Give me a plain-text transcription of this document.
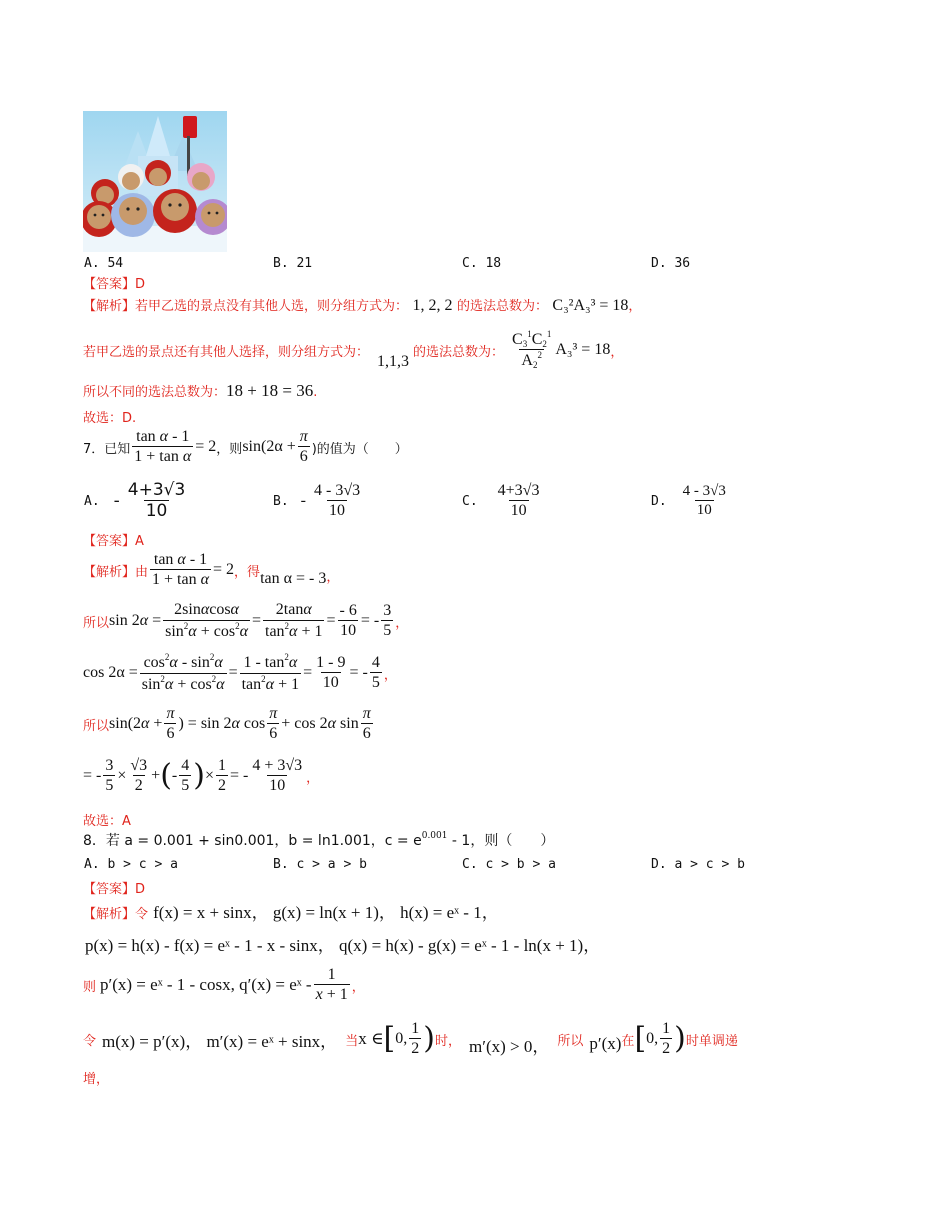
A. 54	B. 21	C. 18	D. 36
【答案】D
【解析】若甲乙选的景点没有其他人选，则分组方式为： 1, 2, 2 的选法总数为： C₃²A₃³ = 18，
若甲乙选的景点还有其他人选择，则分组方式为：
1,1,3
的选法总数为： $\frac{C_3^1C_2^1}{A_2^2} A_3^3 = 18$ ，
所以不同的选法总数为：18 + 18 = 36.
故选：D.
7．已知 $\frac{\text{tan α - 1}}{\text{1 + tan α}} = 2$ ，则 $\sin(2\alpha + \frac{\pi}{6}$ )的值为（　　）
A. - $\frac{4+3√3}{10}$	B. - $\frac{4 - 3√3}{10}$	C. $\frac{4+3√3}{10}$	D. $\frac{4 - 3√3}{10}$
【答案】A
【解析】 由 $\frac{\text{tan α - 1}}{\text{1 + tan α}} = 2$ ，得 tan α = - 3 ，
所以 $\sin 2\alpha = \frac{2\sin\alpha\cos\alpha}{\sin^2\alpha + \cos^2\alpha} = \frac{2\tan\alpha}{\tan^2\alpha + 1} = \frac{- 6}{10}$ = - $\frac{3}{5}$ ，
$\cos 2\alpha = \frac{\cos^2\alpha - \sin^2\alpha}{\sin^2\alpha + \cos^2\alpha} = \frac{1 - \tan^2\alpha}{\tan^2\alpha + 1} = \frac{1 - 9}{10}$ = - $\frac{4}{5}$ ，
所以 $\sin(2\alpha + \frac{\pi}{6}$ ) = sin 2α $\cos \frac{\pi}{6} + \cos 2\alpha$ $\sin \frac{\pi}{6}$
= - $\frac{3}{5} \times \frac{√3}{2}$ + ( - $\frac{4}{5}$ ) × $\frac{1}{2}$ = - $\frac{4 + 3√3}{10}$ ，
故选：A
8．若 a = 0.001 + sin0.001，b = ln1.001，$c = e^{0.001} - 1$，则（　　）
A. b > c > a	B. c > a > b	C. c > b > a	D. a > c > b
【答案】D
【解析】令 f(x) = x + sinx， g(x) = ln(x + 1)， h(x) = eˣ - 1，
p(x) = h(x) - f(x) = eˣ - 1 - x - sinx， q(x) = h(x) - g(x) = eˣ - 1 - ln(x + 1)，
则 p′(x) = eˣ - 1 - cosx, q′(x) = eˣ - $\frac{1}{x + 1}$ ，
令 m(x) = p′(x)， m′(x) = eˣ + sinx， 当 x ∈ [ 0, $\frac{1}{2}$ ) 时， m′(x) > 0， 所以 p′(x) 在 [ 0, $\frac{1}{2}$ ) 时单调递
增，
